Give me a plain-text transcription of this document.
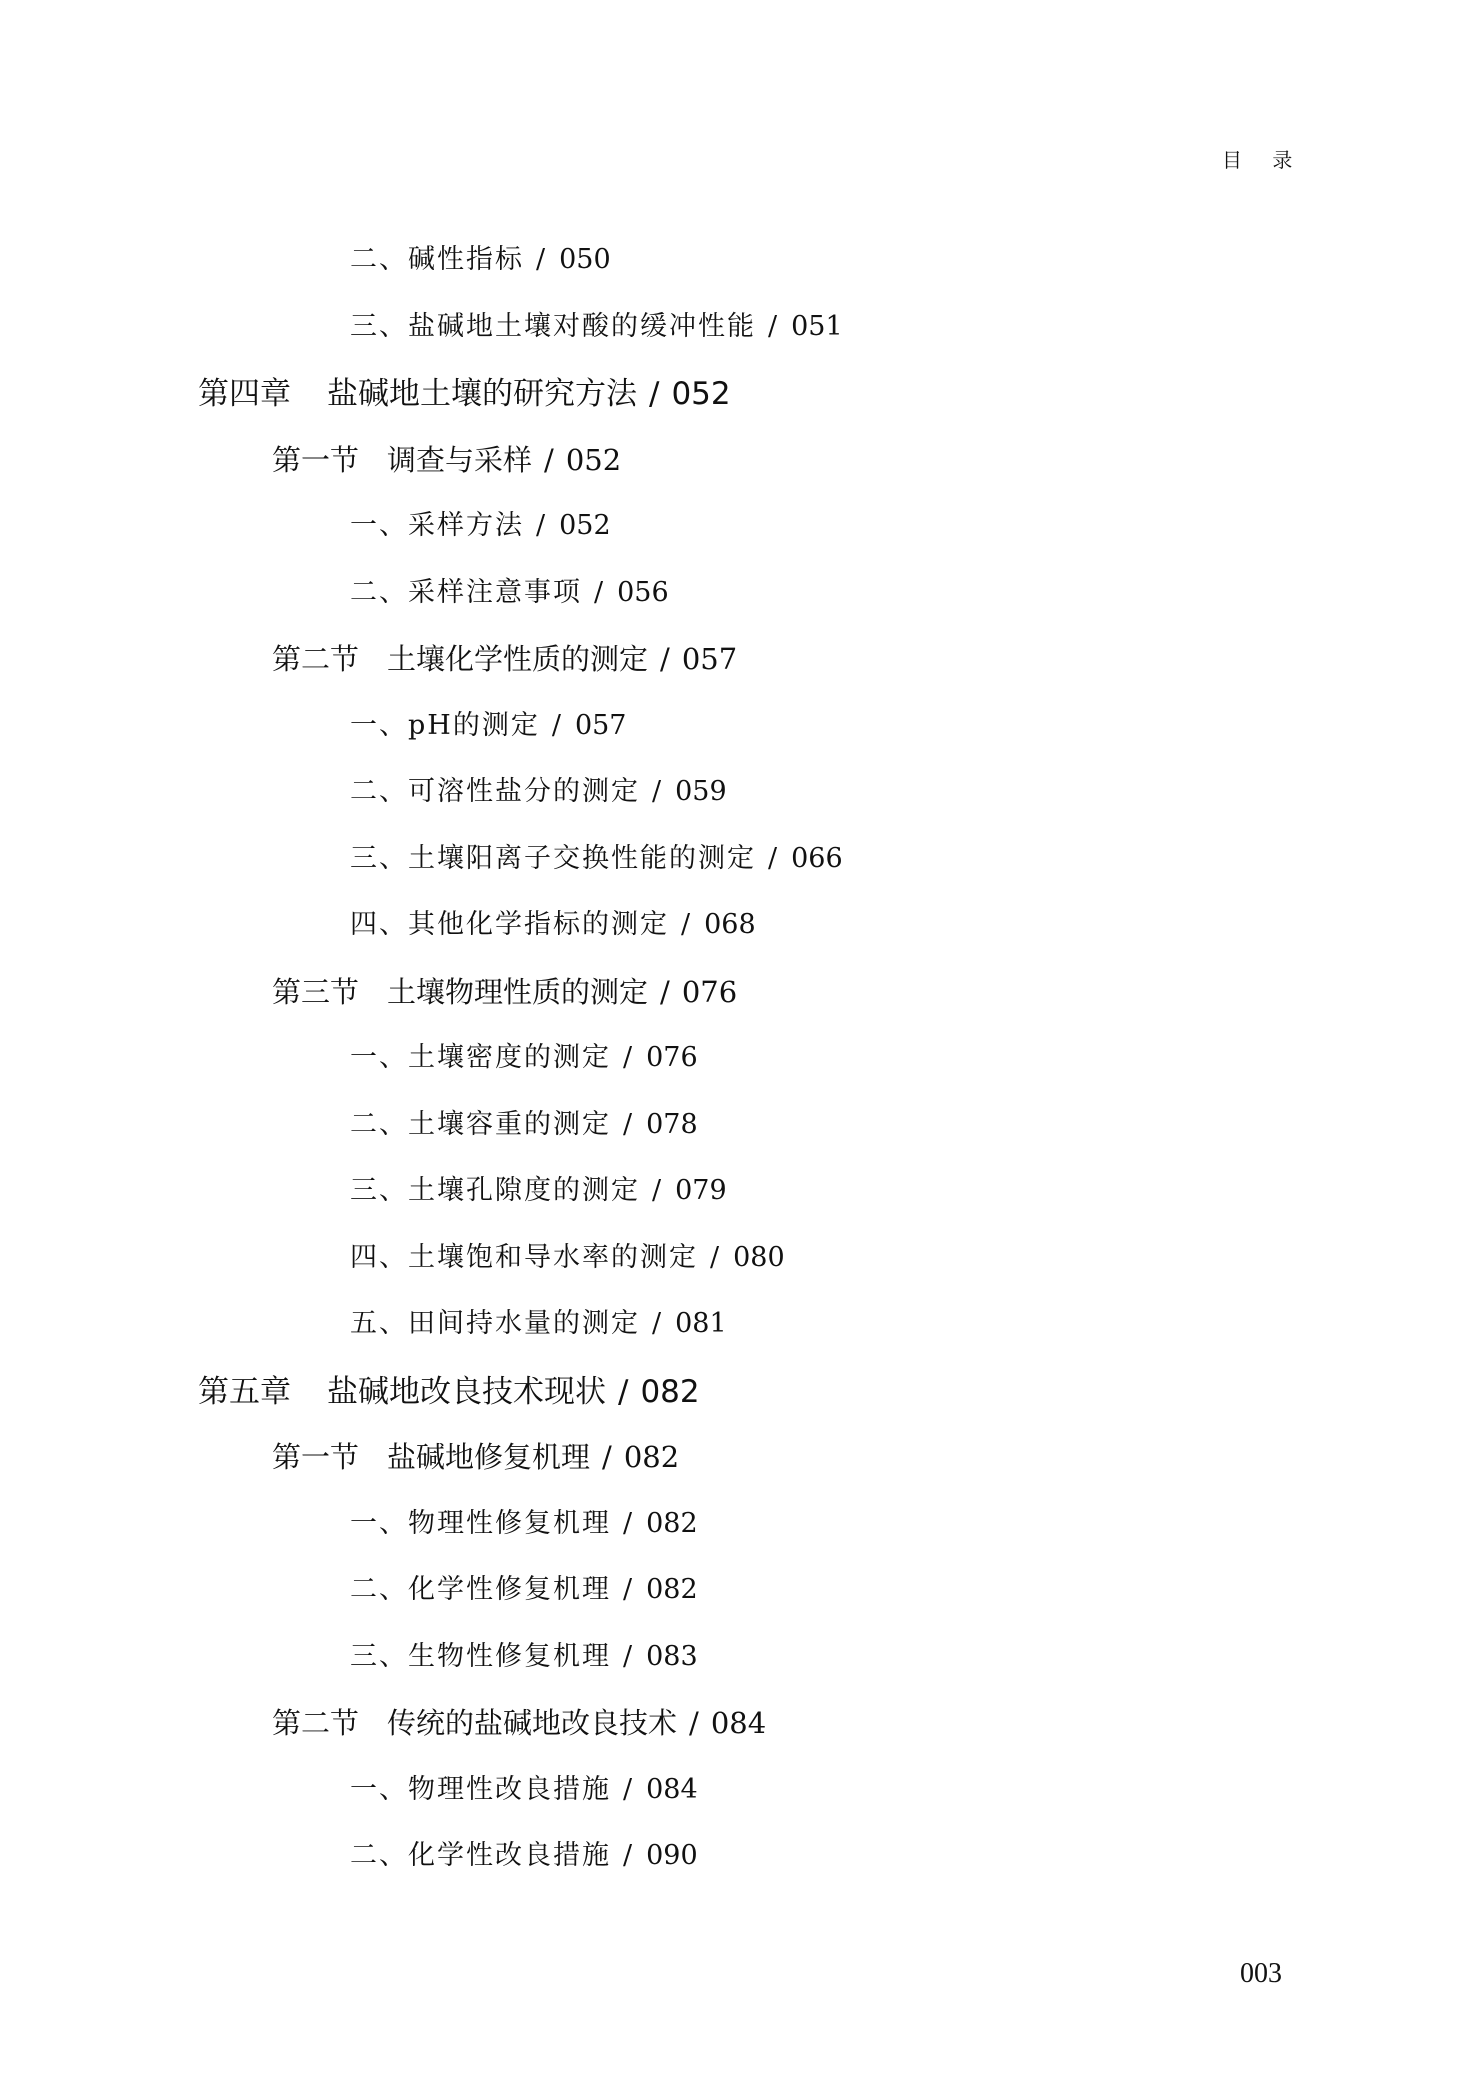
目 录
二、碱性指标 / 050
三、盐碱地土壤对酸的缓冲性能 / 051
第四章 盐碱地土壤的研究方法 / 052
第一节 调查与采样 / 052
一、采样方法 / 052
二、采样注意事项 / 056
第二节 土壤化学性质的测定 / 057
一、pH的测定 / 057
二、可溶性盐分的测定 / 059
三、土壤阳离子交换性能的测定 / 066
四、其他化学指标的测定 / 068
第三节 土壤物理性质的测定 / 076
一、土壤密度的测定 / 076
二、土壤容重的测定 / 078
三、土壤孔隙度的测定 / 079
四、土壤饱和导水率的测定 / 080
五、田间持水量的测定 / 081
第五章 盐碱地改良技术现状 / 082
第一节 盐碱地修复机理 / 082
一、物理性修复机理 / 082
二、化学性修复机理 / 082
三、生物性修复机理 / 083
第二节 传统的盐碱地改良技术 / 084
一、物理性改良措施 / 084
二、化学性改良措施 / 090
003
